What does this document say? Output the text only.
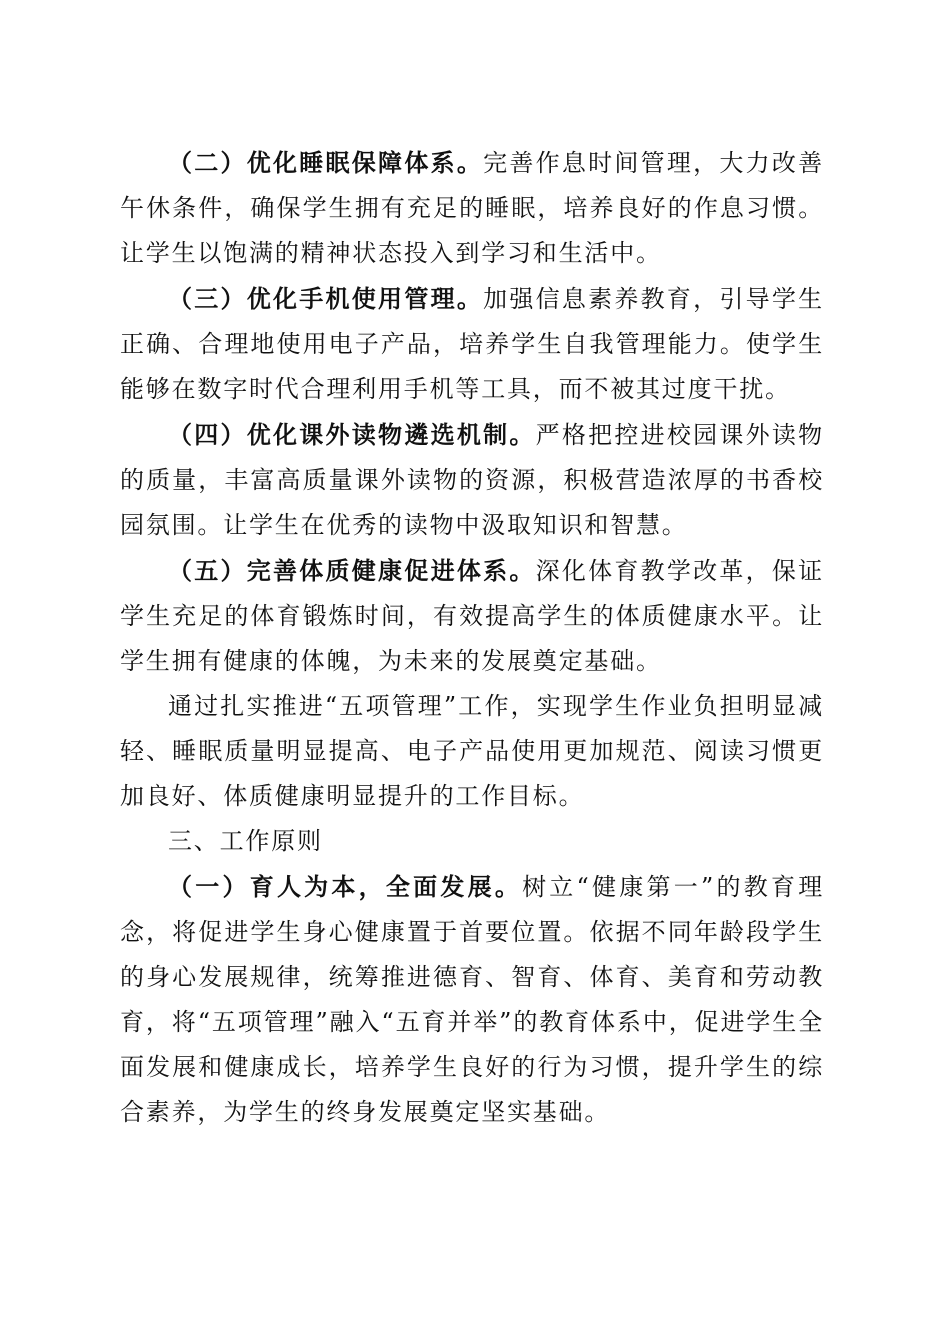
（二）优化睡眠保障体系。完善作息时间管理，大力改善午休条件，确保学生拥有充足的睡眠，培养良好的作息习惯。让学生以饱满的精神状态投入到学习和生活中。

（三）优化手机使用管理。加强信息素养教育，引导学生正确、合理地使用电子产品，培养学生自我管理能力。使学生能够在数字时代合理利用手机等工具，而不被其过度干扰。

（四）优化课外读物遴选机制。严格把控进校园课外读物的质量，丰富高质量课外读物的资源，积极营造浓厚的书香校园氛围。让学生在优秀的读物中汲取知识和智慧。

（五）完善体质健康促进体系。深化体育教学改革，保证学生充足的体育锻炼时间，有效提高学生的体质健康水平。让学生拥有健康的体魄，为未来的发展奠定基础。

通过扎实推进“五项管理”工作，实现学生作业负担明显减轻、睡眠质量明显提高、电子产品使用更加规范、阅读习惯更加良好、体质健康明显提升的工作目标。

三、工作原则

（一）育人为本，全面发展。树立“健康第一”的教育理念，将促进学生身心健康置于首要位置。依据不同年龄段学生的身心发展规律，统筹推进德育、智育、体育、美育和劳动教育，将“五项管理”融入“五育并举”的教育体系中，促进学生全面发展和健康成长，培养学生良好的行为习惯，提升学生的综合素养，为学生的终身发展奠定坚实基础。
